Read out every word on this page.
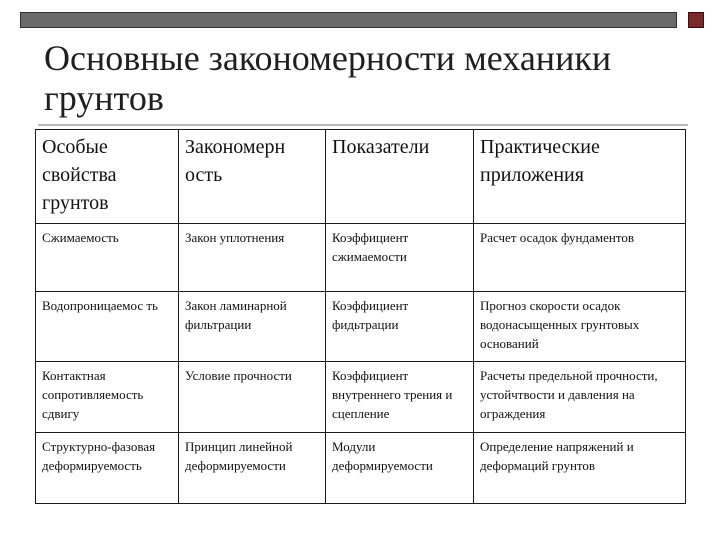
Основные закономерности механики грунтов
Особые свойства грунтов	Закономерн ость	Показатели	Практические приложения
Сжимаемость	Закон уплотнения	Коэффициент сжимаемости	Расчет осадок фундаментов
Водопроницаемос ть	Закон ламинарной фильтрации	Коэффициент фидьтрации	Прогноз скорости осадок водонасыщенных грунтовых оснований
Контактная сопротивляемость сдвигу	Условие прочности	Коэффициент внутреннего трения и сцепление	Расчеты предельной прочности, устойчтвости и давления на ограждения
Структурно-фазовая деформируемость	Принцип линейной деформируемости	Модули деформируемости	Определение напряжений и деформаций грунтов
